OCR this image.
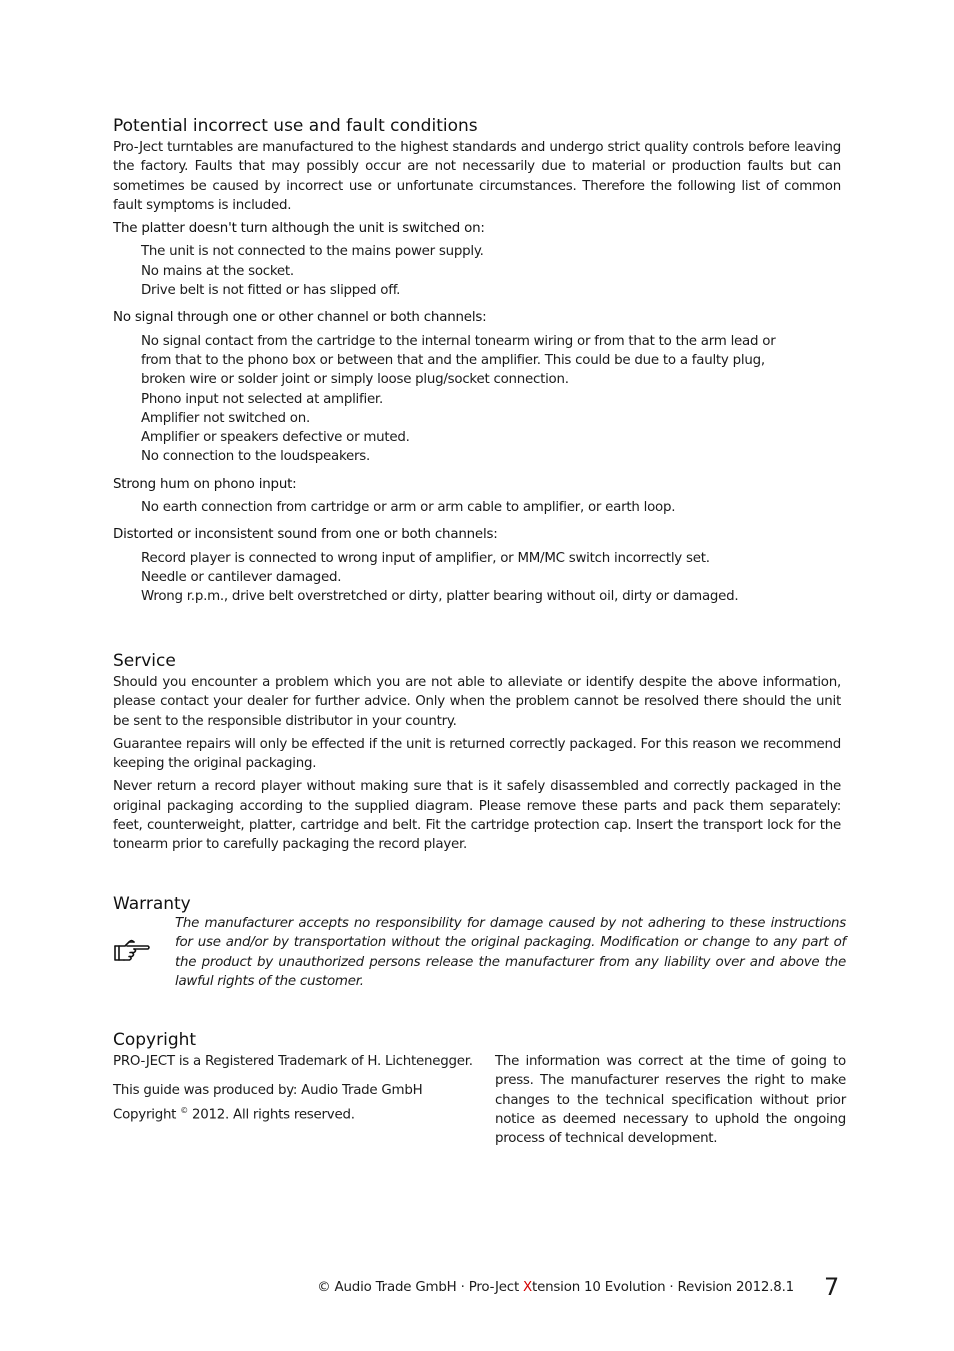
Potential incorrect use and fault conditions

Pro-Ject turntables are manufactured to the highest standards and undergo strict quality controls before leaving the factory. Faults that may possibly occur are not necessarily due to material or production faults but can sometimes be caused by incorrect use or unfortunate circumstances. Therefore the following list of common fault symptoms is included.

The platter doesn't turn although the unit is switched on:
The unit is not connected to the mains power supply.
No mains at the socket.
Drive belt is not fitted or has slipped off.
No signal through one or other channel or both channels:
No signal contact from the cartridge to the internal tonearm wiring or from that to the arm lead or
from that to the phono box or between that and the amplifier. This could be due to a faulty plug,
broken wire or solder joint or simply loose plug/socket connection.
Phono input not selected at amplifier.
Amplifier not switched on.
Amplifier or speakers defective or muted.
No connection to the loudspeakers.
Strong hum on phono input:
No earth connection from cartridge or arm or arm cable to amplifier, or earth loop.
Distorted or inconsistent sound from one or both channels:
Record player is connected to wrong input of amplifier, or MM/MC switch incorrectly set.
Needle or cantilever damaged.
Wrong r.p.m., drive belt overstretched or dirty, platter bearing without oil, dirty or damaged.
Service

Should you encounter a problem which you are not able to alleviate or identify despite the above information, please contact your dealer for further advice. Only when the problem cannot be resolved there should the unit be sent to the responsible distributor in your country.

Guarantee repairs will only be effected if the unit is returned correctly packaged. For this reason we recommend keeping the original packaging.

Never return a record player without making sure that is it safely disassembled and correctly packaged in the original packaging according to the supplied diagram. Please remove these parts and pack them separately: feet, counterweight, platter, cartridge and belt. Fit the cartridge protection cap. Insert the transport lock for the tonearm prior to carefully packaging the record player.

Warranty
The manufacturer accepts no responsibility for damage caused by not adhering to these instructions for use and/or by transportation without the original packaging. Modification or change to any part of the product by unauthorized persons release the manufacturer from any liability over and above the lawful rights of the customer.
Copyright
PRO-JECT is a Registered Trademark of H. Lichtenegger.
This guide was produced by: Audio Trade GmbH
Copyright © 2012. All rights reserved.
The information was correct at the time of going to press. The manufacturer reserves the right to make changes to the technical specification without prior notice as deemed necessary to uphold the ongoing process of technical development.
© Audio Trade GmbH · Pro-Ject Xtension 10 Evolution · Revision 2012.8.1 7
